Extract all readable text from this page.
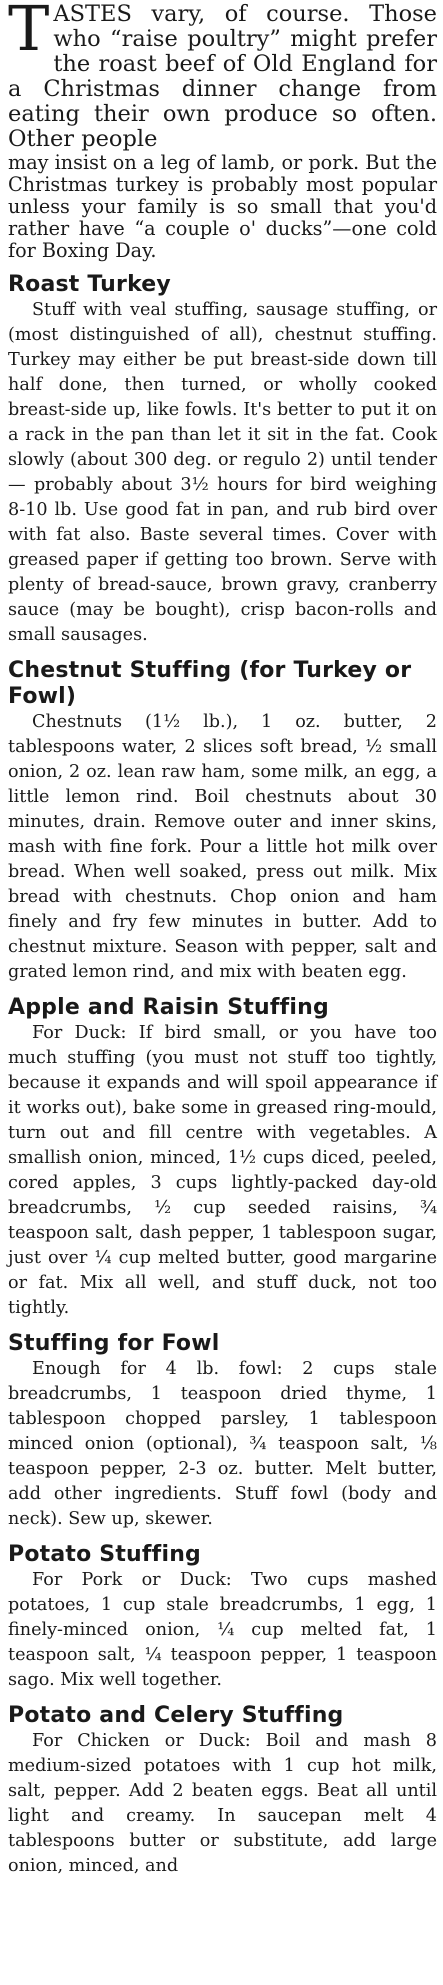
T ASTES vary, of course. Those who “raise poultry” might prefer the roast beef of Old England for a Christmas dinner change from eating their own produce so often. Other people

may insist on a leg of lamb, or pork. But the Christmas turkey is probably most popular unless your family is so small that you'd rather have “a couple o' ducks”—one cold for Boxing Day.

Roast Turkey

Stuff with veal stuffing, sausage stuffing, or (most distinguished of all), chestnut stuffing. Turkey may either be put breast-side down till half done, then turned, or wholly cooked breast-side up, like fowls. It's better to put it on a rack in the pan than let it sit in the fat. Cook slowly (about 300 deg. or regulo 2) until tender — probably about 3½ hours for bird weighing 8-10 lb. Use good fat in pan, and rub bird over with fat also. Baste several times. Cover with greased paper if getting too brown. Serve with plenty of bread-sauce, brown gravy, cranberry sauce (may be bought), crisp bacon-rolls and small sausages.

Chestnut Stuffing (for Turkey or Fowl)

Chestnuts (1½ lb.), 1 oz. butter, 2 tablespoons water, 2 slices soft bread, ½ small onion, 2 oz. lean raw ham, some milk, an egg, a little lemon rind. Boil chestnuts about 30 minutes, drain. Remove outer and inner skins, mash with fine fork. Pour a little hot milk over bread. When well soaked, press out milk. Mix bread with chestnuts. Chop onion and ham finely and fry few minutes in butter. Add to chestnut mixture. Season with pepper, salt and grated lemon rind, and mix with beaten egg.

Apple and Raisin Stuffing

For Duck: If bird small, or you have too much stuffing (you must not stuff too tightly, because it expands and will spoil appearance if it works out), bake some in greased ring-mould, turn out and fill centre with vegetables. A smallish onion, minced, 1½ cups diced, peeled, cored apples, 3 cups lightly-packed day-old breadcrumbs, ½ cup seeded raisins, ¾ teaspoon salt, dash pepper, 1 tablespoon sugar, just over ¼ cup melted butter, good margarine or fat. Mix all well, and stuff duck, not too tightly.

Stuffing for Fowl

Enough for 4 lb. fowl: 2 cups stale breadcrumbs, 1 teaspoon dried thyme, 1 tablespoon chopped parsley, 1 tablespoon minced onion (optional), ¾ teaspoon salt, ⅛ teaspoon pepper, 2-3 oz. butter. Melt butter, add other ingredients. Stuff fowl (body and neck). Sew up, skewer.

Potato Stuffing

For Pork or Duck: Two cups mashed potatoes, 1 cup stale breadcrumbs, 1 egg, 1 finely-minced onion, ¼ cup melted fat, 1 teaspoon salt, ¼ teaspoon pepper, 1 teaspoon sago. Mix well together.

Potato and Celery Stuffing

For Chicken or Duck: Boil and mash 8 medium-sized potatoes with 1 cup hot milk, salt, pepper. Add 2 beaten eggs. Beat all until light and creamy. In saucepan melt 4 tablespoons butter or substitute, add large onion, minced, and
